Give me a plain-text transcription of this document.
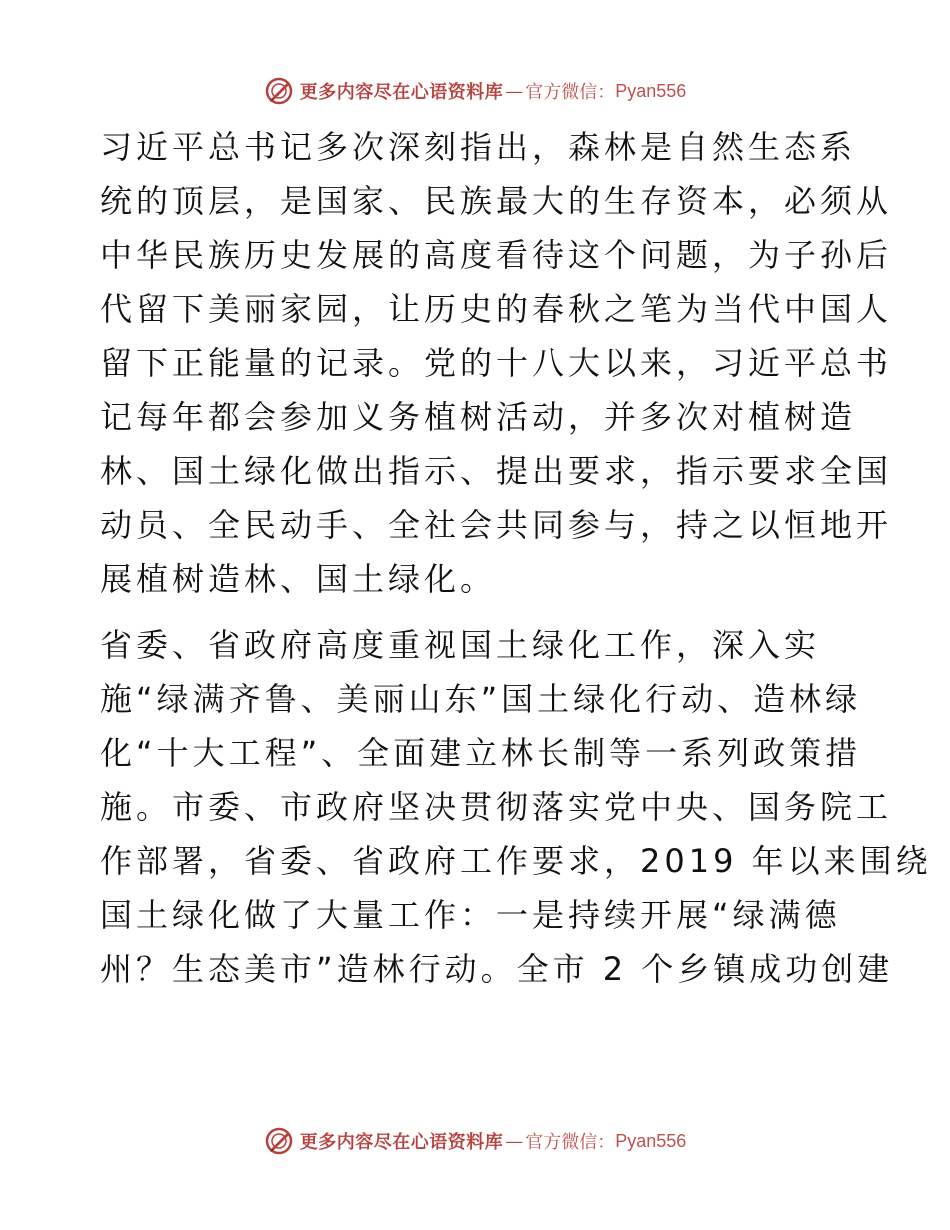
更多内容尽在心语资料库 — 官方微信： Pyan556

习近平总书记多次深刻指出，森林是自然生态系
统的顶层，是国家、民族最大的生存资本，必须从
中华民族历史发展的高度看待这个问题，为子孙后
代留下美丽家园，让历史的春秋之笔为当代中国人
留下正能量的记录。党的十八大以来，习近平总书
记每年都会参加义务植树活动，并多次对植树造
林、国土绿化做出指示、提出要求，指示要求全国
动员、全民动手、全社会共同参与，持之以恒地开
展植树造林、国土绿化。

省委、省政府高度重视国土绿化工作，深入实
施“绿满齐鲁、美丽山东”国土绿化行动、造林绿
化“十大工程”、全面建立林长制等一系列政策措
施。市委、市政府坚决贯彻落实党中央、国务院工
作部署，省委、省政府工作要求，2019 年以来围绕
国土绿化做了大量工作：一是持续开展“绿满德
州？生态美市”造林行动。全市 2 个乡镇成功创建

更多内容尽在心语资料库 — 官方微信： Pyan556
